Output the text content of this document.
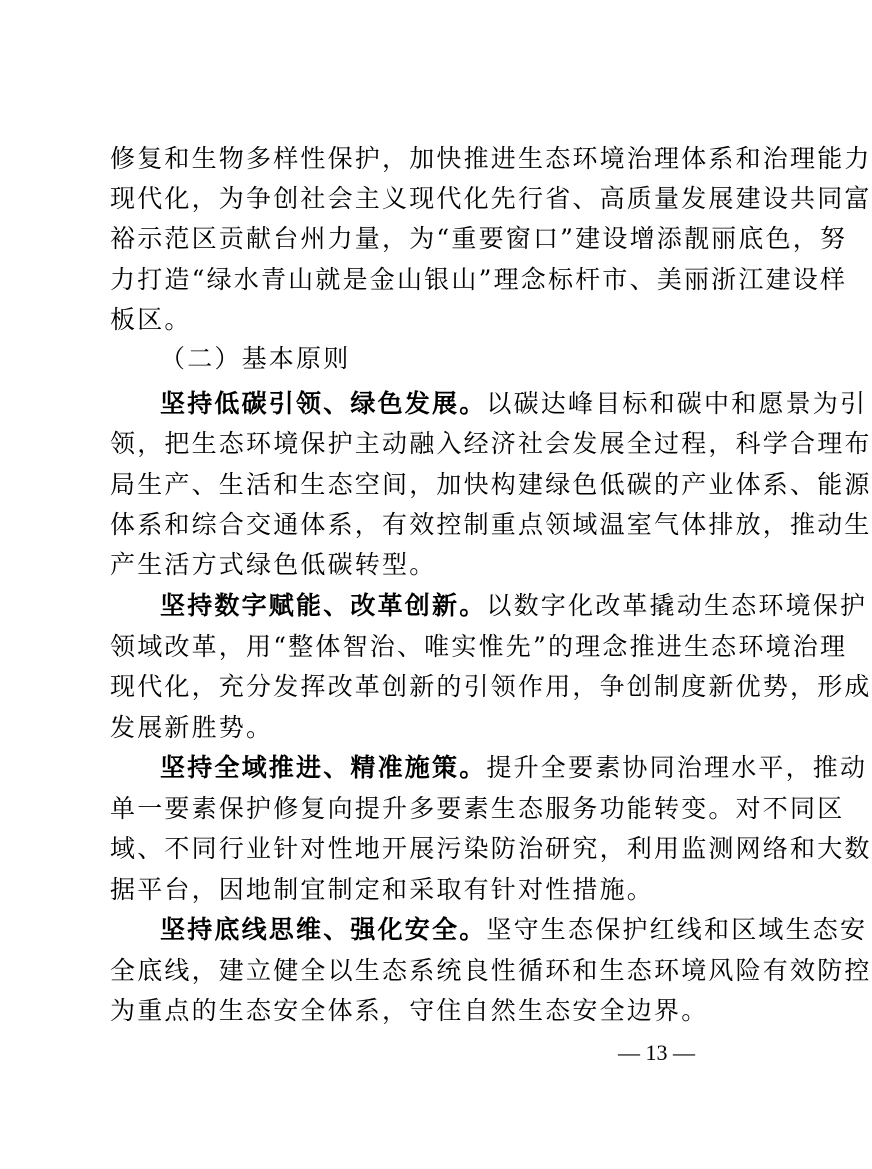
修复和生物多样性保护，加快推进生态环境治理体系和治理能力
现代化，为争创社会主义现代化先行省、高质量发展建设共同富
裕示范区贡献台州力量，为“重要窗口”建设增添靓丽底色，努
力打造“绿水青山就是金山银山”理念标杆市、美丽浙江建设样
板区。
（二）基本原则
坚持低碳引领、绿色发展。以碳达峰目标和碳中和愿景为引
领，把生态环境保护主动融入经济社会发展全过程，科学合理布
局生产、生活和生态空间，加快构建绿色低碳的产业体系、能源
体系和综合交通体系，有效控制重点领域温室气体排放，推动生
产生活方式绿色低碳转型。
坚持数字赋能、改革创新。以数字化改革撬动生态环境保护
领域改革，用“整体智治、唯实惟先”的理念推进生态环境治理
现代化，充分发挥改革创新的引领作用，争创制度新优势，形成
发展新胜势。
坚持全域推进、精准施策。提升全要素协同治理水平，推动
单一要素保护修复向提升多要素生态服务功能转变。对不同区
域、不同行业针对性地开展污染防治研究，利用监测网络和大数
据平台，因地制宜制定和采取有针对性措施。
坚持底线思维、强化安全。坚守生态保护红线和区域生态安
全底线，建立健全以生态系统良性循环和生态环境风险有效防控
为重点的生态安全体系，守住自然生态安全边界。
— 13 —
